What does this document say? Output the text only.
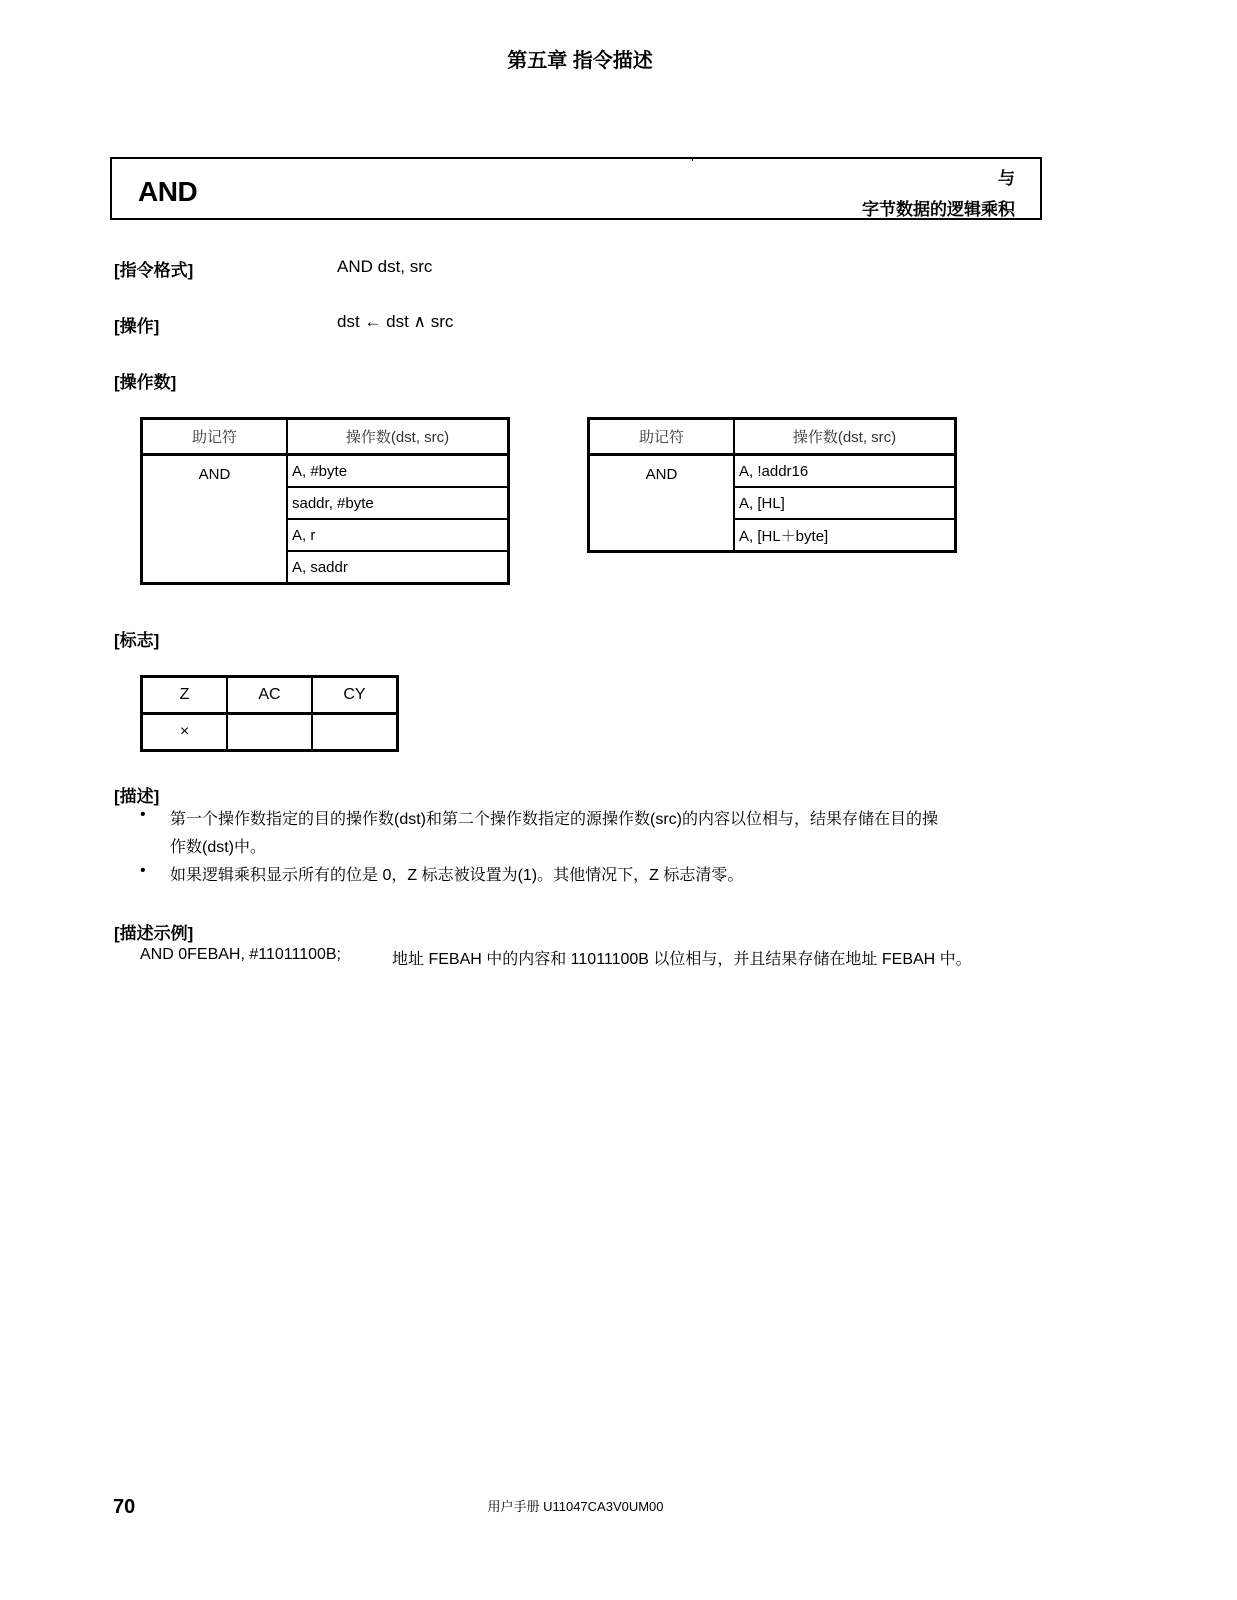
第五章 指令描述
AND	与
字节数据的逻辑乘积
[指令格式]	AND dst, src
[操作]	dst ← dst ∧ src
[操作数]
助记符	操作数(dst, src)
AND	A, #byte
	saddr, #byte
	A, r
	A, saddr
助记符	操作数(dst, src)
AND	A, !addr16
	A, [HL]
	A, [HL＋byte]
[标志]
Z	AC	CY
×		
[描述]
• 第一个操作数指定的目的操作数(dst)和第二个操作数指定的源操作数(src)的内容以位相与，结果存储在目的操
作数(dst)中。
• 如果逻辑乘积显示所有的位是 0，Z 标志被设置为(1)。其他情况下，Z 标志清零。
[描述示例]
AND 0FEBAH, #11011100B;	地址 FEBAH 中的内容和 11011100B 以位相与，并且结果存储在地址 FEBAH 中。
70	用户手册 U11047CA3V0UM00
